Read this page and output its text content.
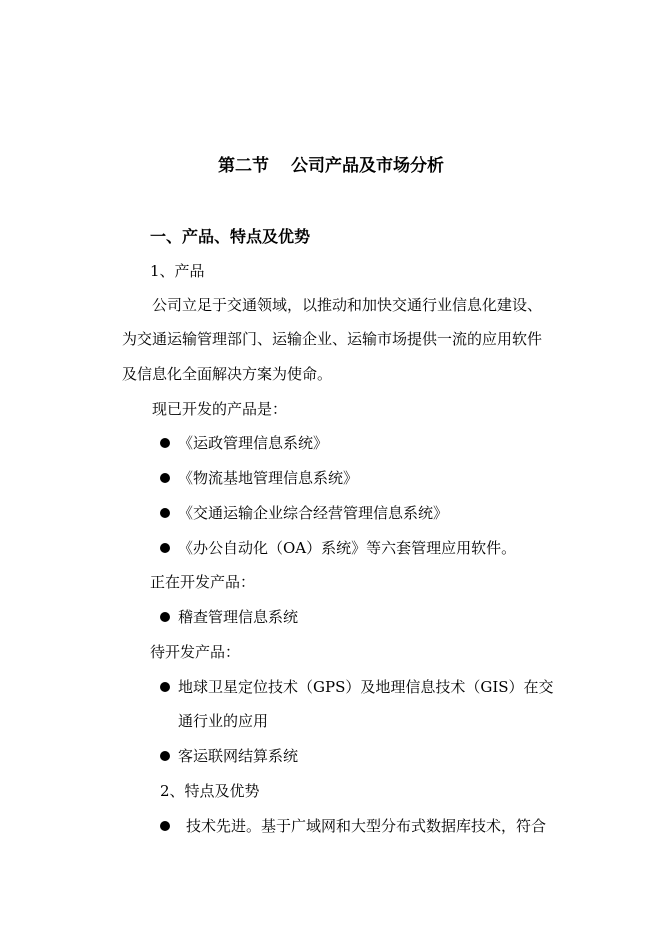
第二节 公司产品及市场分析
一、产品、特点及优势
1、产品
公司立足于交通领域，以推动和加快交通行业信息化建设、
为交通运输管理部门、运输企业、运输市场提供一流的应用软件
及信息化全面解决方案为使命。
现已开发的产品是：
《运政管理信息系统》
《物流基地管理信息系统》
《交通运输企业综合经营管理信息系统》
《办公自动化（OA）系统》等六套管理应用软件。
正在开发产品：
稽查管理信息系统
待开发产品：
地球卫星定位技术（GPS）及地理信息技术（GIS）在交
通行业的应用
客运联网结算系统
2、特点及优势
技术先进。基于广域网和大型分布式数据库技术，符合
